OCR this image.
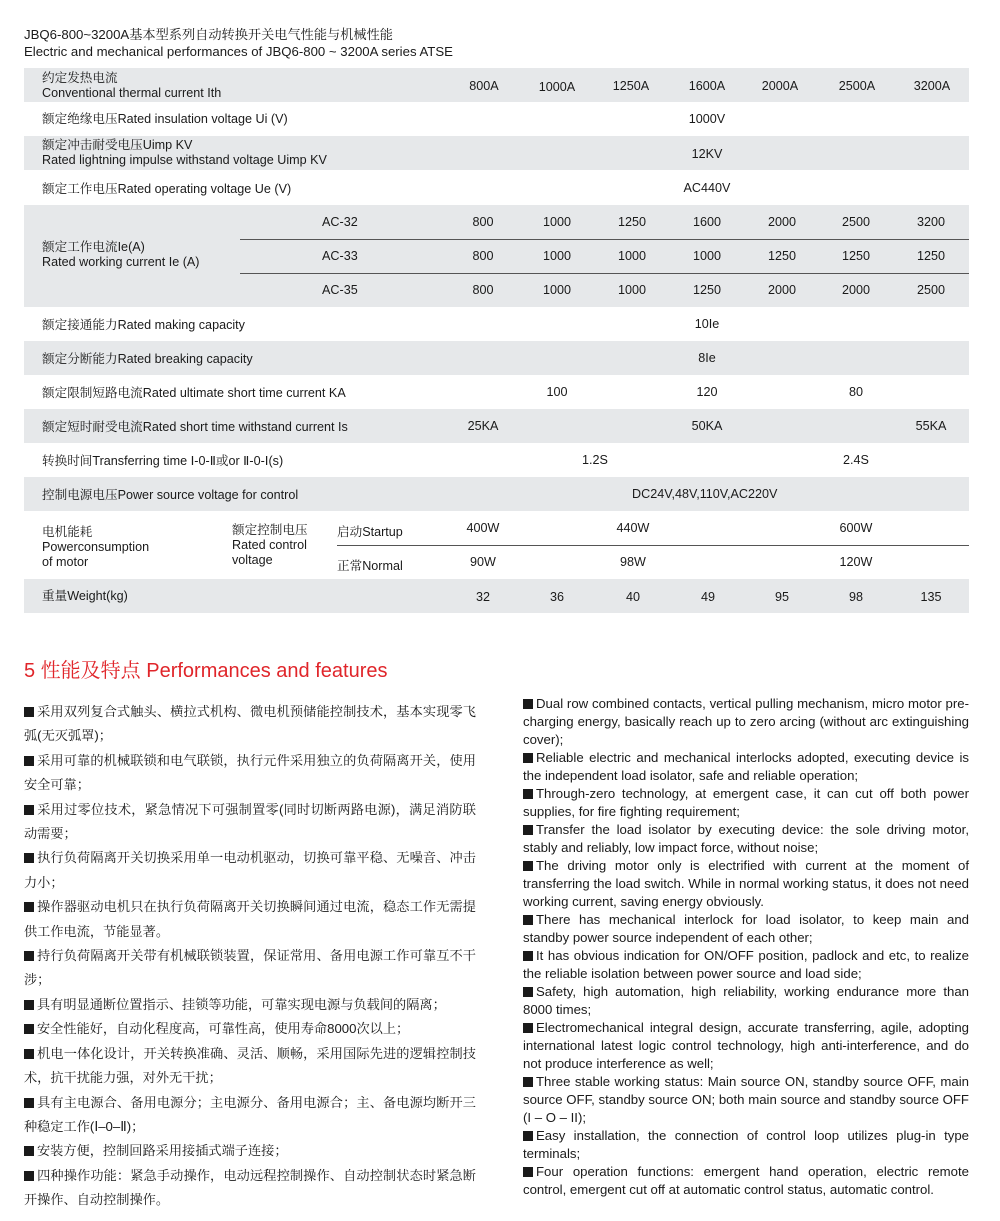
JBQ6-800~3200A基本型系列自动转换开关电气性能与机械性能
Electric and mechanical performances of JBQ6-800 ~ 3200A series ATSE
约定发热电流
Conventional thermal current Ith	800A	1000A	1250A	1600A	2000A	2500A	3200A
额定绝缘电压Rated insulation voltage Ui (V)	1000V
额定冲击耐受电压Uimp KV
Rated lightning impulse withstand voltage Uimp KV	12KV
额定工作电压Rated operating voltage Ue (V)	AC440V
额定工作电流Ie(A)
Rated working current Ie (A)
AC-32	800	1000	1250	1600	2000	2500	3200
AC-33	800	1000	1000	1000	1250	1250	1250
AC-35	800	1000	1000	1250	2000	2000	2500
额定接通能力Rated making capacity	10Ie
额定分断能力Rated breaking capacity	8Ie
额定限制短路电流Rated ultimate short time current KA	100	120	80
额定短时耐受电流Rated short time withstand current Is	25KA	50KA	55KA
转换时间Transferring time Ⅰ-0-Ⅱ或or Ⅱ-0-Ⅰ(s)	1.2S	2.4S
控制电源电压Power source voltage for control	DC24V,48V,110V,AC220V
电机能耗
Powerconsumption
of motor
额定控制电压
Rated control
voltage
启动Startup	400W	440W	600W
正常Normal	90W	98W	120W
重量Weight(kg)	32	36	40	49	95	98	135
5 性能及特点 Performances and features

采用双列复合式触头、横拉式机构、微电机预储能控制技术，基本实现零飞弧(无灭弧罩)；

采用可靠的机械联锁和电气联锁，执行元件采用独立的负荷隔离开关，使用安全可靠；

采用过零位技术，紧急情况下可强制置零(同时切断两路电源)，满足消防联动需要；

执行负荷隔离开关切换采用单一电动机驱动，切换可靠平稳、无噪音、冲击力小；

操作器驱动电机只在执行负荷隔离开关切换瞬间通过电流，稳态工作无需提供工作电流，节能显著。

持行负荷隔离开关带有机械联锁装置，保证常用、备用电源工作可靠互不干涉；

具有明显通断位置指示、挂锁等功能，可靠实现电源与负载间的隔离；

安全性能好，自动化程度高，可靠性高，使用寿命8000次以上；

机电一体化设计，开关转换准确、灵活、顺畅，采用国际先进的逻辑控制技术，抗干扰能力强，对外无干扰；

具有主电源合、备用电源分；主电源分、备用电源合；主、备电源均断开三种稳定工作(Ⅰ–0–Ⅱ)；

安装方便，控制回路采用接插式端子连接；

四种操作功能：紧急手动操作，电动远程控制操作、自动控制状态时紧急断开操作、自动控制操作。

Dual row combined contacts, vertical pulling mechanism, micro motor pre-charging energy, basically reach up to zero arcing (without arc extinguishing cover);

Reliable electric and mechanical interlocks adopted, executing device is the independent load isolator, safe and reliable operation;

Through-zero technology, at emergent case, it can cut off both power supplies, for fire fighting requirement;

Transfer the load isolator by executing device: the sole driving motor, stably and reliably, low impact force, without noise;

The driving motor only is electrified with current at the moment of transferring the load switch. While in normal working status, it does not need working current, saving energy obviously.

There has mechanical interlock for load isolator, to keep main and standby power source independent of each other;

It has obvious indication for ON/OFF position, padlock and etc, to realize the reliable isolation between power source and load side;

Safety, high automation, high reliability, working endurance more than 8000 times;

Electromechanical integral design, accurate transferring, agile, adopting international latest logic control technology, high anti-interference, and do not produce interference as well;

Three stable working status: Main source ON, standby source OFF, main source OFF, standby source ON; both main source and standby source OFF (I – O – II);

Easy installation, the connection of control loop utilizes plug-in type terminals;

Four operation functions: emergent hand operation, electric remote control, emergent cut off at automatic control status, automatic control.
